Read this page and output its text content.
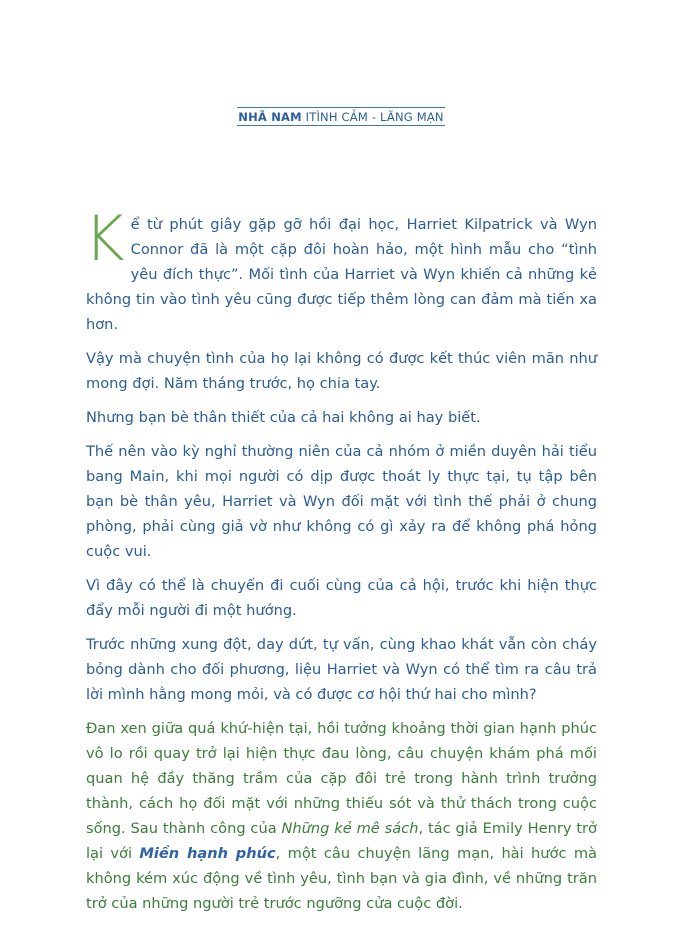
NHÃ NAM ITÌNH CẢM - LÃNG MẠN

Kể từ phút giây gặp gỡ hồi đại học, Harriet Kilpatrick và Wyn Connor đã là một cặp đôi hoàn hảo, một hình mẫu cho “tình yêu đích thực”. Mối tình của Harriet và Wyn khiến cả những kẻ không tin vào tình yêu cũng được tiếp thêm lòng can đảm mà tiến xa hơn.

Vậy mà chuyện tình của họ lại không có được kết thúc viên mãn như mong đợi. Năm tháng trước, họ chia tay.

Nhưng bạn bè thân thiết của cả hai không ai hay biết.

Thế nên vào kỳ nghỉ thường niên của cả nhóm ở miền duyên hải tiểu bang Main, khi mọi người có dịp được thoát ly thực tại, tụ tập bên bạn bè thân yêu, Harriet và Wyn đối mặt với tình thế phải ở chung phòng, phải cùng giả vờ như không có gì xảy ra để không phá hỏng cuộc vui.

Vì đây có thể là chuyến đi cuối cùng của cả hội, trước khi hiện thực đẩy mỗi người đi một hướng.

Trước những xung đột, day dứt, tự vấn, cùng khao khát vẫn còn cháy bỏng dành cho đối phương, liệu Harriet và Wyn có thể tìm ra câu trả lời mình hằng mong mỏi, và có được cơ hội thứ hai cho mình?

Đan xen giữa quá khứ-hiện tại, hồi tưởng khoảng thời gian hạnh phúc vô lo rồi quay trở lại hiện thực đau lòng, câu chuyện khám phá mối quan hệ đầy thăng trầm của cặp đôi trẻ trong hành trình trưởng thành, cách họ đối mặt với những thiếu sót và thử thách trong cuộc sống. Sau thành công của Những kẻ mê sách, tác giả Emily Henry trở lại với Miền hạnh phúc, một câu chuyện lãng mạn, hài hước mà không kém xúc động về tình yêu, tình bạn và gia đình, về những trăn trở của những người trẻ trước ngưỡng cửa cuộc đời.
